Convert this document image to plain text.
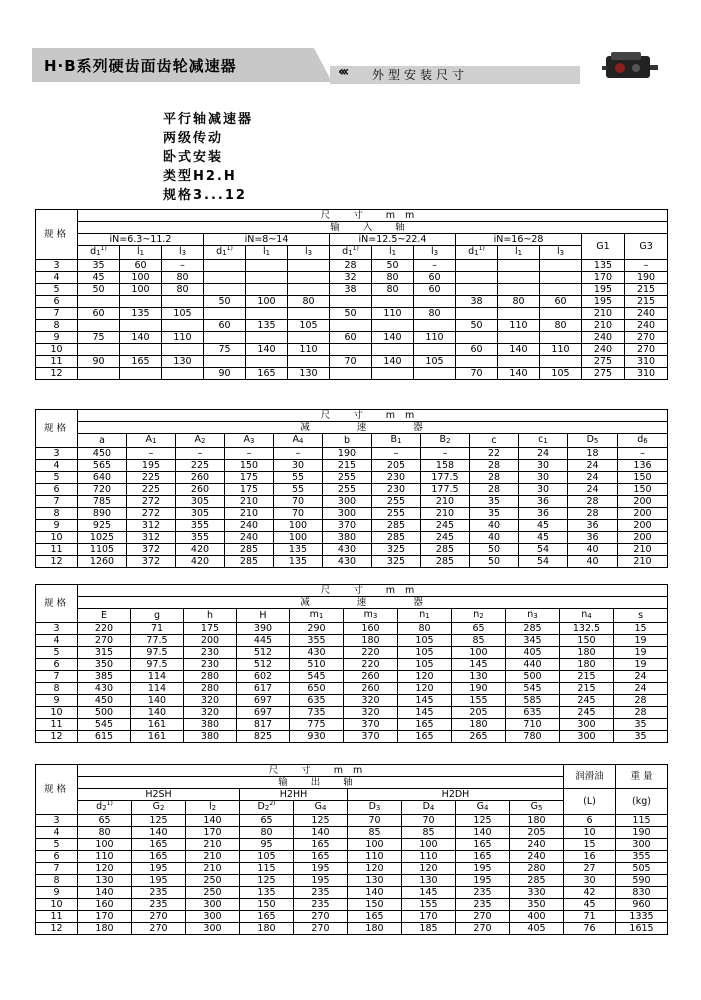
H·B系列硬齿面齿轮减速器	‹‹‹ 外型安装尺寸
平行轴减速器
两级传动
卧式安装
类型H2.H
规格3...12
规格	尺 寸 mm													
	输 入 轴													
	iN=6.3~11.2			iN=8~14			iN=12.5~22.4			iN=16~28			G1	G3
	d1$^{1)}$	l1	l3	d1$^{1)}$	l1	l3	d1$^{1)}$	l1	l3	d1$^{1)}$	l1	l3		
3	35	60	–				28	50	–				135	–
4	45	100	80				32	80	60				170	190
5	50	100	80				38	80	60				195	215
6				50	100	80				38	80	60	195	215
7	60	135	105				50	110	80				210	240
8				60	135	105				50	110	80	210	240
9	75	140	110				60	140	110				240	270
10				75	140	110				60	140	110	240	270
11	90	165	130				70	140	105				275	310
12				90	165	130				70	140	105	275	310
规格	尺 寸 mm											
	减 速 器											
	a	A1	A2	A3	A4	b	B1	B2	c	c1	D5	d6
3	450	–	–	–	–	190	–	–	22	24	18	–
4	565	195	225	150	30	215	205	158	28	30	24	136
5	640	225	260	175	55	255	230	177.5	28	30	24	150
6	720	225	260	175	55	255	230	177.5	28	30	24	150
7	785	272	305	210	70	300	255	210	35	36	28	200
8	890	272	305	210	70	300	255	210	35	36	28	200
9	925	312	355	240	100	370	285	245	40	45	36	200
10	1025	312	355	240	100	380	285	245	40	45	36	200
11	1105	372	420	285	135	430	325	285	50	54	40	210
12	1260	372	420	285	135	430	325	285	50	54	40	210
规格	尺 寸 mm										
	减 速 器										
	E	g	h	H	m1	m3	n1	n2	n3	n4	s
3	220	71	175	390	290	160	80	65	285	132.5	15
4	270	77.5	200	445	355	180	105	85	345	150	19
5	315	97.5	230	512	430	220	105	100	405	180	19
6	350	97.5	230	512	510	220	105	145	440	180	19
7	385	114	280	602	545	260	120	130	500	215	24
8	430	114	280	617	650	260	120	190	545	215	24
9	450	140	320	697	635	320	145	155	585	245	28
10	500	140	320	697	735	320	145	205	635	245	28
11	545	161	380	817	775	370	165	180	710	300	35
12	615	161	380	825	930	370	165	265	780	300	35
规格	尺 寸 mm									润滑油	重 量
	输 出 轴										
	H2SH			H2HH		H2DH				(L)	(kg)
	d2$^{1)}$	G2	l2	D2$^{2)}$	G4	D3	D4	G4	G5		
3	65	125	140	65	125	70	70	125	180	6	115
4	80	140	170	80	140	85	85	140	205	10	190
5	100	165	210	95	165	100	100	165	240	15	300
6	110	165	210	105	165	110	110	165	240	16	355
7	120	195	210	115	195	120	120	195	280	27	505
8	130	195	250	125	195	130	130	195	285	30	590
9	140	235	250	135	235	140	145	235	330	42	830
10	160	235	300	150	235	150	155	235	350	45	960
11	170	270	300	165	270	165	170	270	400	71	1335
12	180	270	300	180	270	180	185	270	405	76	1615
